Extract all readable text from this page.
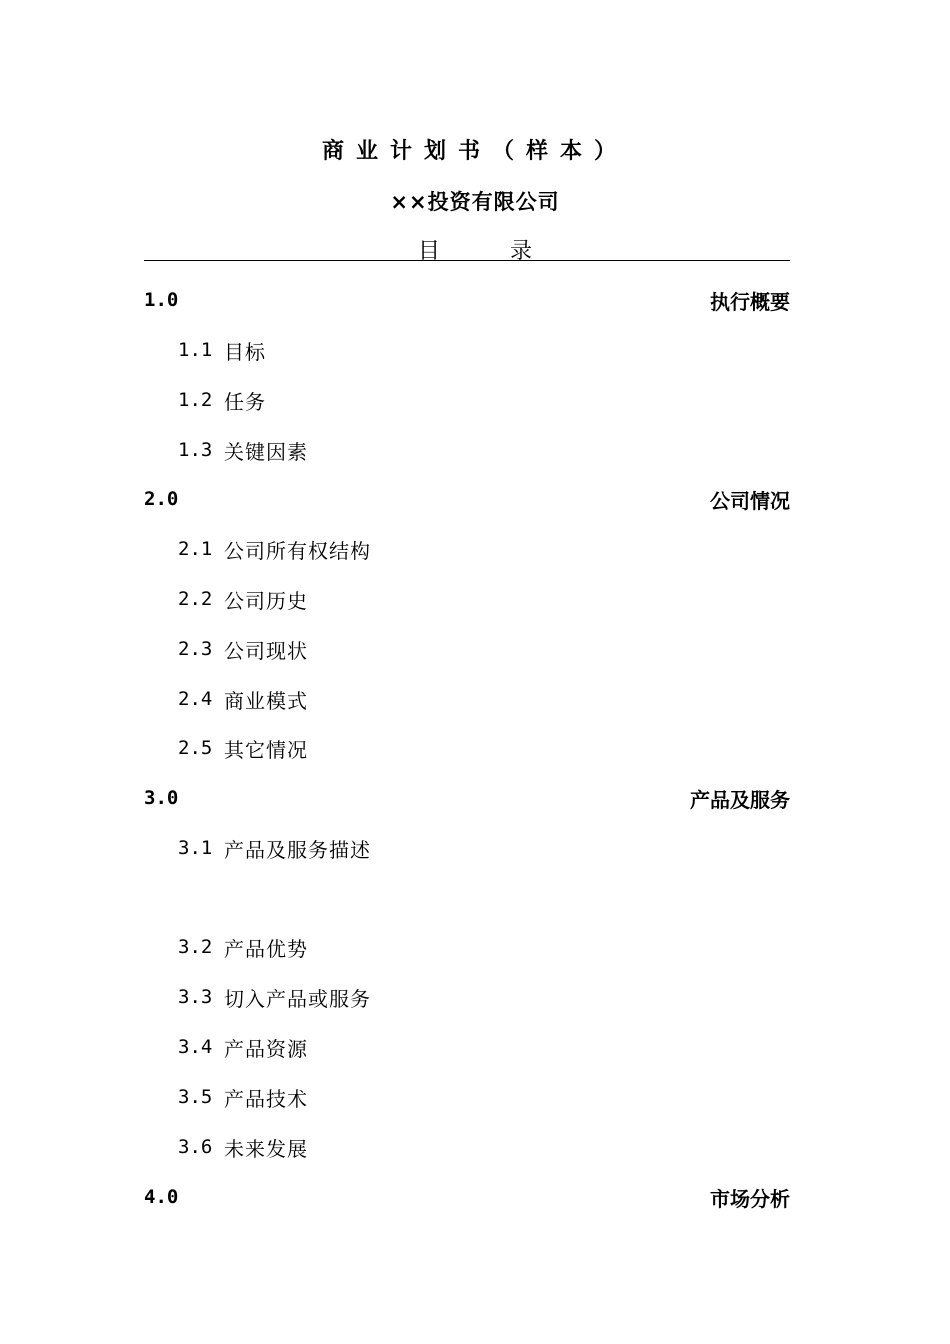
商业计划书（样本）
××投资有限公司
目录
1.0	执行概要
1.1 目标
1.2 任务
1.3 关键因素
2.0	公司情况
2.1 公司所有权结构
2.2 公司历史
2.3 公司现状
2.4 商业模式
2.5 其它情况
3.0	产品及服务
3.1 产品及服务描述
3.2 产品优势
3.3 切入产品或服务
3.4 产品资源
3.5 产品技术
3.6 未来发展
4.0	市场分析
